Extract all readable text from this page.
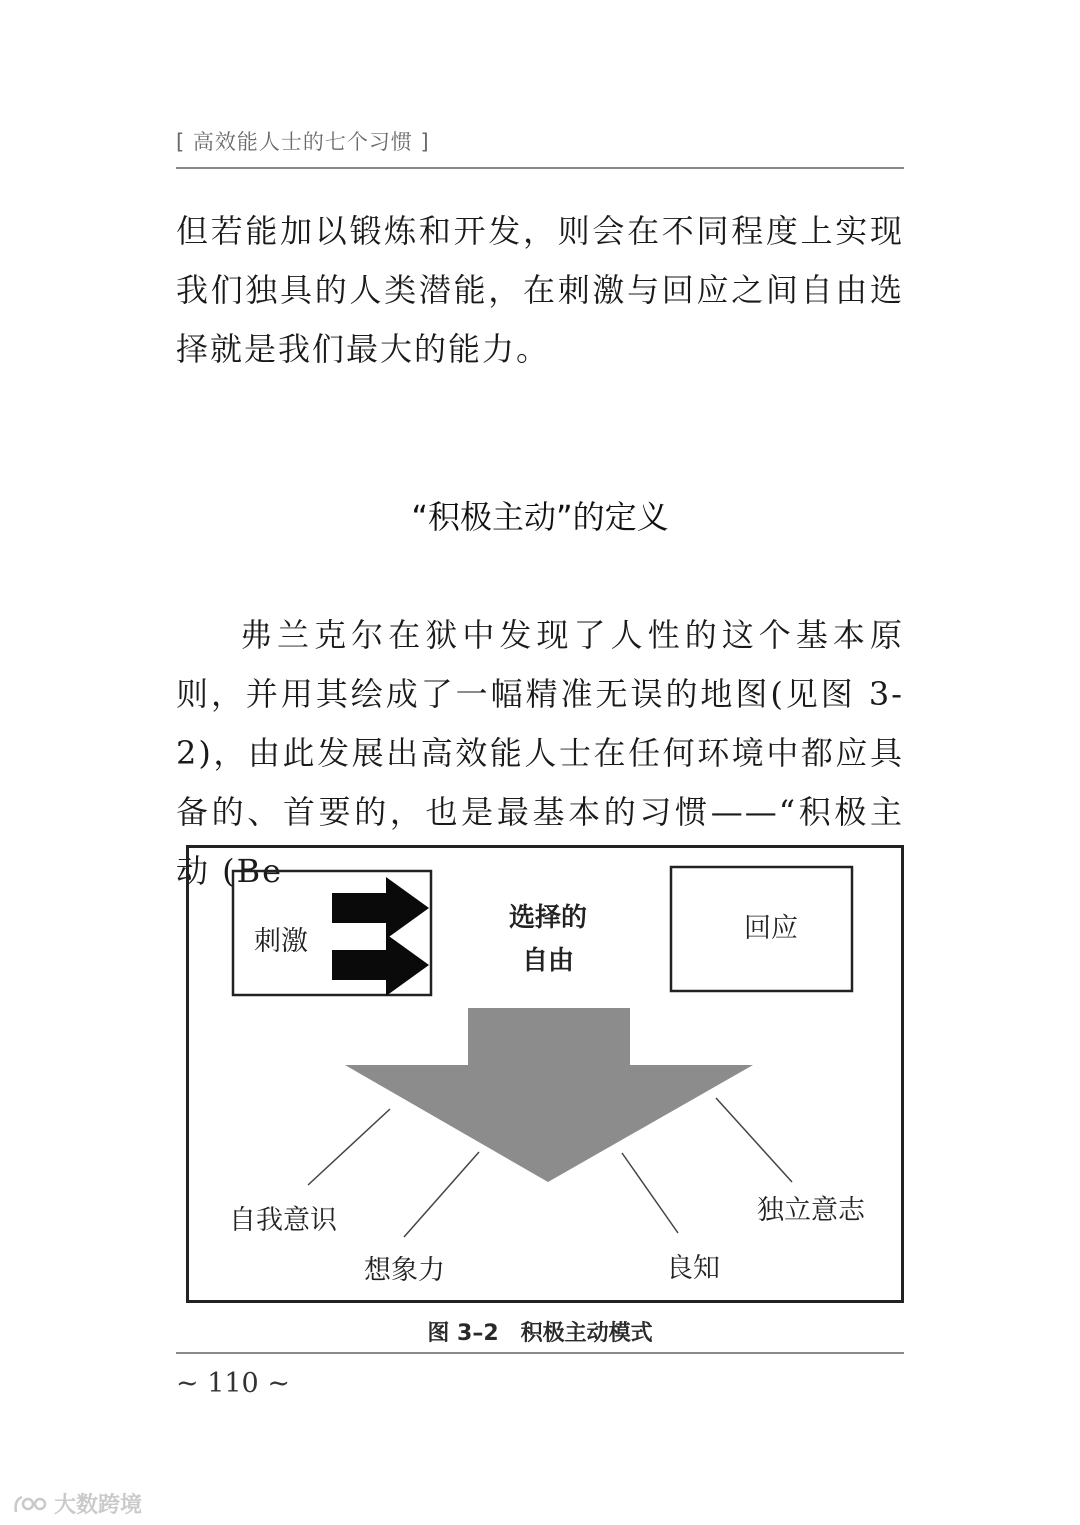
[ 高效能人士的七个习惯 ]
但若能加以锻炼和开发，则会在不同程度上实现我们独具的人类潜能，在刺激与回应之间自由选择就是我们最大的能力。
“积极主动”的定义
弗兰克尔在狱中发现了人性的这个基本原则，并用其绘成了一幅精准无误的地图(见图 3-2)，由此发展出高效能人士在任何环境中都应具备的、首要的，也是最基本的习惯——“积极主动 (Be
刺激
选择的
自由
回应
自我意识
想象力	良知
独立意志
图 3–2　积极主动模式
~ 110 ~
大数跨境
